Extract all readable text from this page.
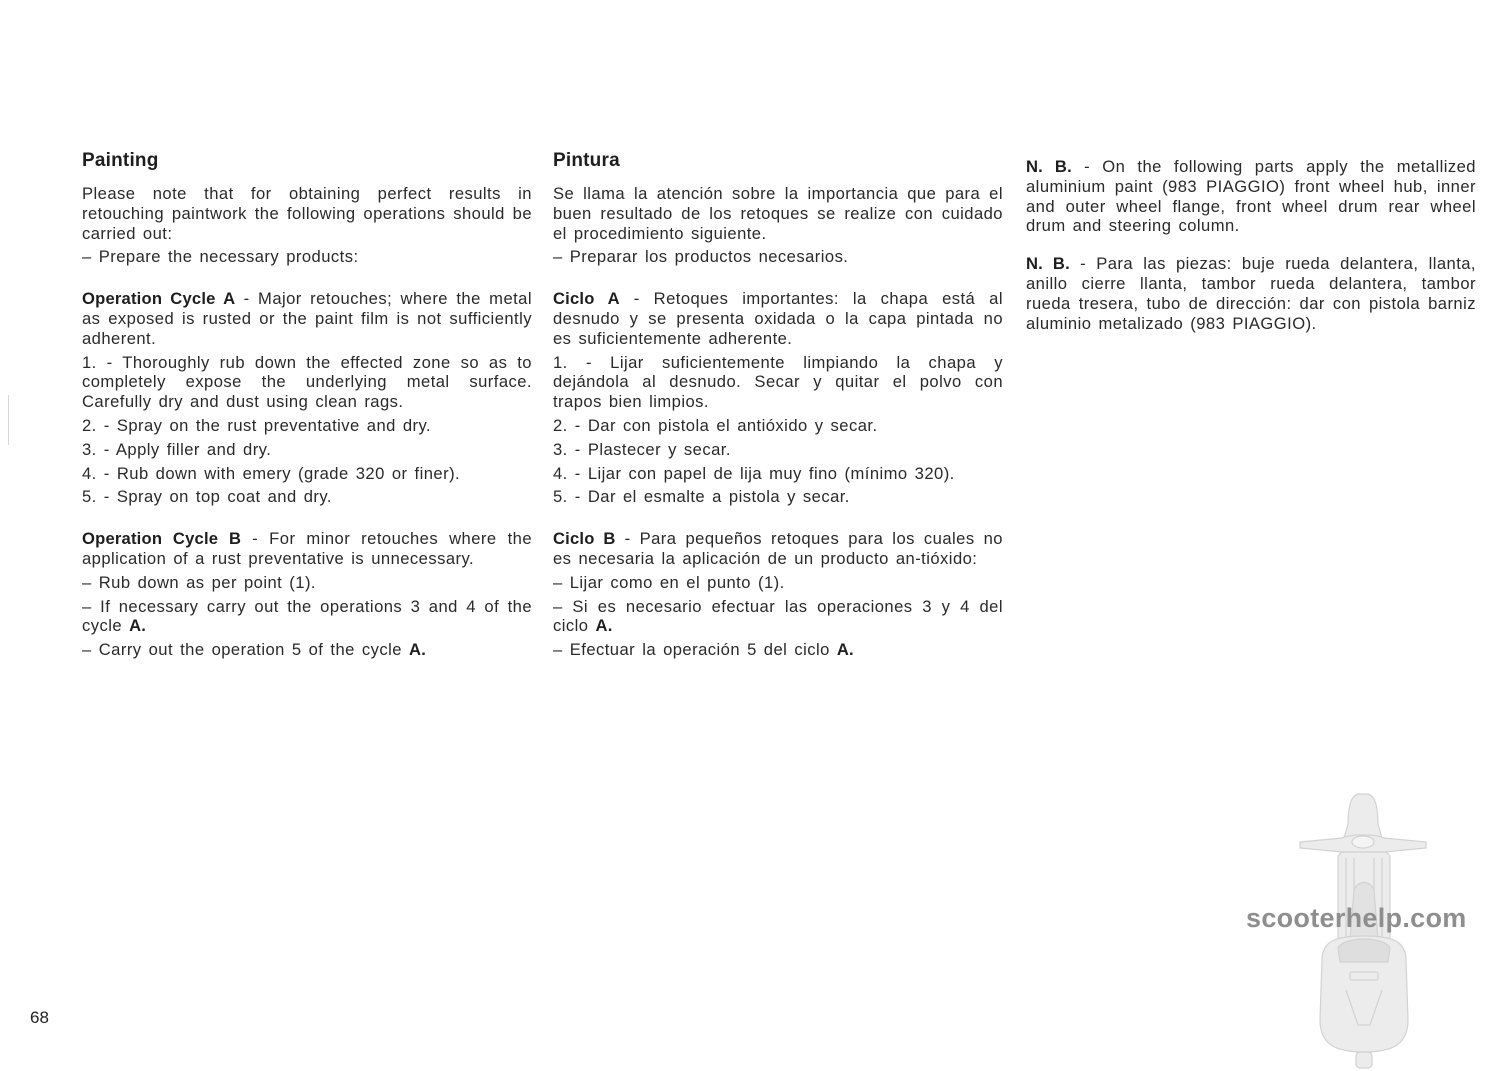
Painting

Please note that for obtaining perfect results in retouching paintwork the following operations should be carried out:

– Prepare the necessary products:

Operation Cycle A - Major retouches; where the metal as exposed is rusted or the paint film is not sufficiently adherent.

1. - Thoroughly rub down the effected zone so as to completely expose the underlying metal surface. Carefully dry and dust using clean rags.

2. - Spray on the rust preventative and dry.

3. - Apply filler and dry.

4. - Rub down with emery (grade 320 or finer).

5. - Spray on top coat and dry.

Operation Cycle B - For minor retouches where the application of a rust preventative is unnecessary.

– Rub down as per point (1).

– If necessary carry out the operations 3 and 4 of the cycle A.

– Carry out the operation 5 of the cycle A.

Pintura

Se llama la atención sobre la importancia que para el buen resultado de los retoques se realize con cuidado el procedimiento siguiente.

– Preparar los productos necesarios.

Ciclo A - Retoques importantes: la chapa está al desnudo y se presenta oxidada o la capa pintada no es suficientemente adherente.

1. - Lijar suficientemente limpiando la chapa y dejándola al desnudo. Secar y quitar el polvo con trapos bien limpios.

2. - Dar con pistola el antióxido y secar.

3. - Plastecer y secar.

4. - Lijar con papel de lija muy fino (mínimo 320).

5. - Dar el esmalte a pistola y secar.

Ciclo B - Para pequeños retoques para los cuales no es necesaria la aplicación de un producto an-tióxido:

– Lijar como en el punto (1).

– Si es necesario efectuar las operaciones 3 y 4 del ciclo A.

– Efectuar la operación 5 del ciclo A.

N. B. - On the following parts apply the metallized aluminium paint (983 PIAGGIO) front wheel hub, inner and outer wheel flange, front wheel drum rear wheel drum and steering column.

N. B. - Para las piezas: buje rueda delantera, llanta, anillo cierre llanta, tambor rueda delantera, tambor rueda tresera, tubo de dirección: dar con pistola barniz aluminio metalizado (983 PIAGGIO).

scooterhelp.com
68
